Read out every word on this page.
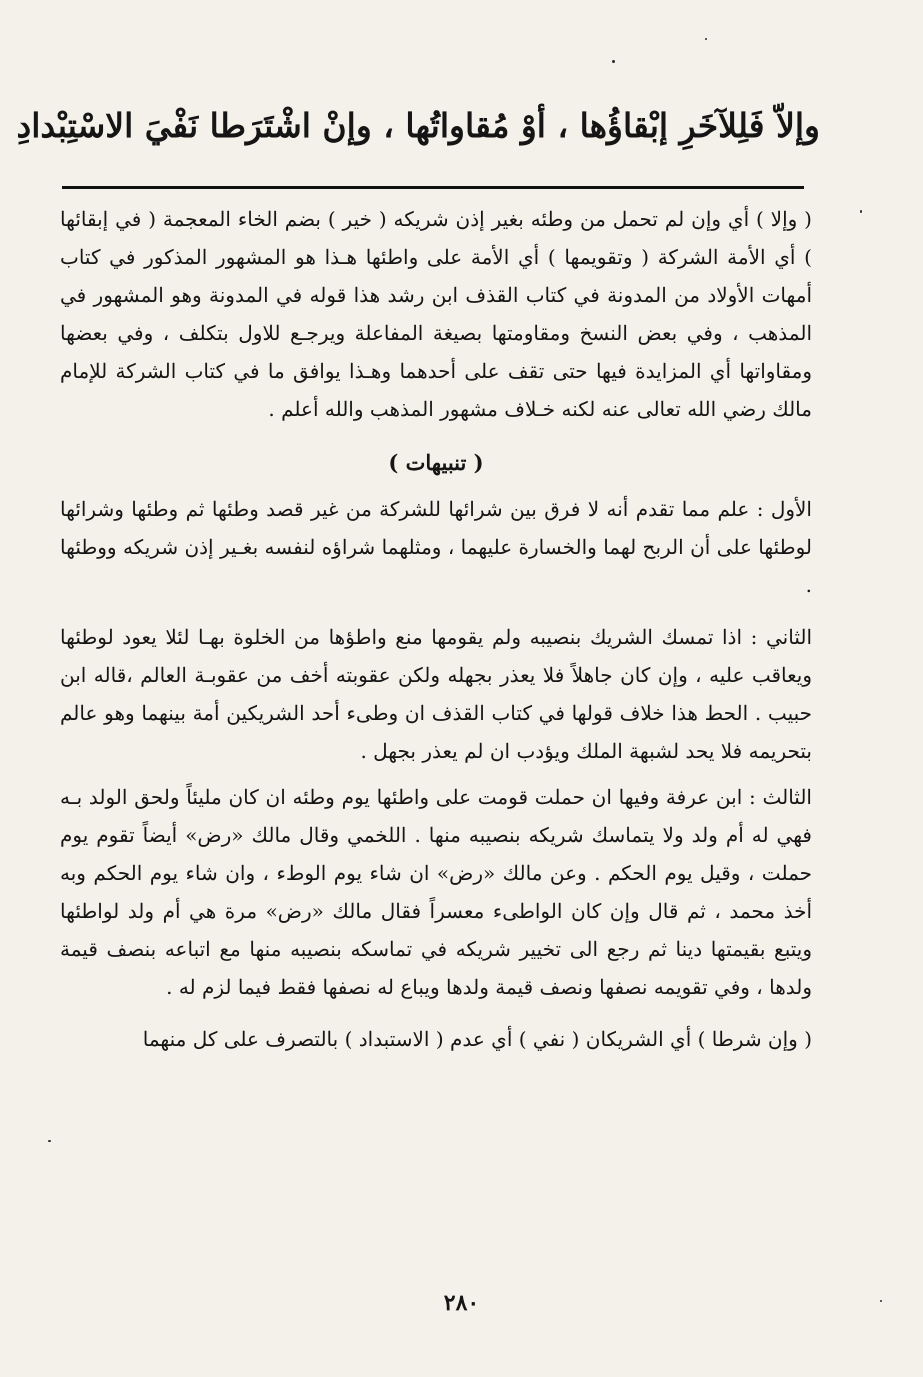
وإلاّ فَلِلآخَرِ إبْقاؤُها ، أوْ مُقاواتُها ، وإنْ اشْتَرَطا نَفْيَ الاسْتِبْدادِ

( وإلا ) أي وإن لم تحمل من وطئه بغير إذن شريكه ( خير ) بضم الخاء المعجمة ( في إبقائها ) أي الأمة الشركة ( وتقويمها ) أي الأمة على واطئها هـذا هو المشهور المذكور في كتاب أمهات الأولاد من المدونة في كتاب القذف ابن رشد هذا قوله في المدونة وهو المشهور في المذهب ، وفي بعض النسخ ومقاومتها بصيغة المفاعلة ويرجـع للاول بتكلف ، وفي بعضها ومقاواتها أي المزايدة فيها حتى تقف على أحدهما وهـذا يوافق ما في كتاب الشركة للإمام مالك رضي الله تعالى عنه لكنه خـلاف مشهور المذهب والله أعلم .

( تنبيهات )

الأول : علم مما تقدم أنه لا فرق بين شرائها للشركة من غير قصد وطئها ثم وطئها وشرائها لوطئها على أن الربح لهما والخسارة عليهما ، ومثلهما شراؤه لنفسه بغـير إذن شريكه ووطئها .

الثاني : اذا تمسك الشريك بنصيبه ولم يقومها منع واطؤها من الخلوة بهـا لئلا يعود لوطئها ويعاقب عليه ، وإن كان جاهلاً فلا يعذر بجهله ولكن عقوبته أخف من عقوبـة العالم ،قاله ابن حبيب . الحط هذا خلاف قولها في كتاب القذف ان وطىء أحد الشريكين أمة بينهما وهو عالم بتحريمه فلا يحد لشبهة الملك ويؤدب ان لم يعذر بجهل .

الثالث : ابن عرفة وفيها ان حملت قومت على واطئها يوم وطئه ان كان مليئاً ولحق الولد بـه فهي له أم ولد ولا يتماسك شريكه بنصيبه منها . اللخمي وقال مالك «رض» أيضاً تقوم يوم حملت ، وقيل يوم الحكم . وعن مالك «رض» ان شاء يوم الوطء ، وان شاء يوم الحكم وبه أخذ محمد ، ثم قال وإن كان الواطىء معسراً فقال مالك «رض» مرة هي أم ولد لواطئها ويتبع بقيمتها دينا ثم رجع الى تخيير شريكه في تماسكه بنصيبه منها مع اتباعه بنصف قيمة ولدها ، وفي تقويمه نصفها ونصف قيمة ولدها ويباع له نصفها فقط فيما لزم له .

( وإن شرطا ) أي الشريكان ( نفي ) أي عدم ( الاستبداد ) بالتصرف على كل منهما

٢٨٠
